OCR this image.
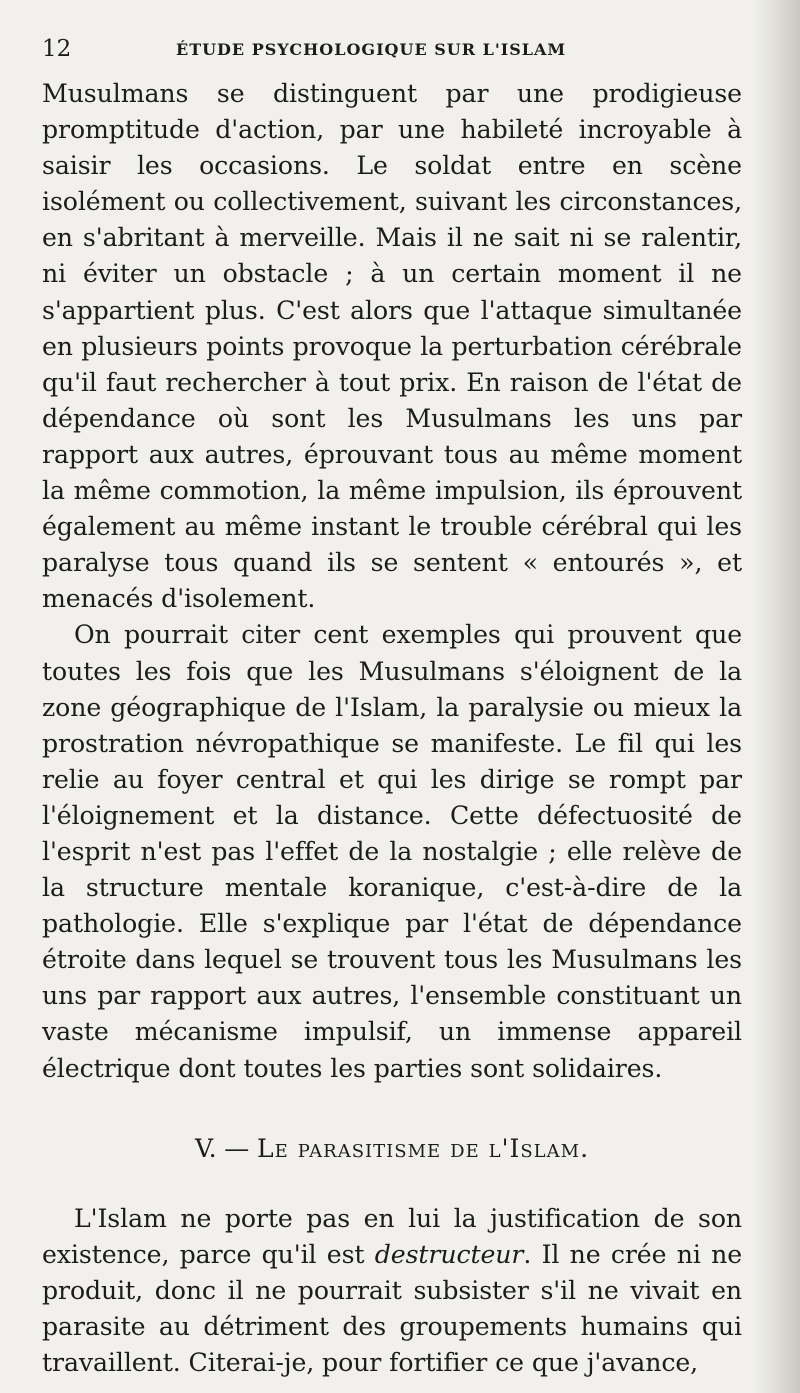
12	ÉTUDE PSYCHOLOGIQUE SUR L'ISLAM

Musulmans se distinguent par une prodigieuse promptitude d'action, par une habileté incroyable à saisir les occasions. Le soldat entre en scène isolément ou collectivement, suivant les circonstances, en s'abritant à merveille. Mais il ne sait ni se ralentir, ni éviter un obstacle ; à un certain moment il ne s'appartient plus. C'est alors que l'attaque simultanée en plusieurs points provoque la perturbation cérébrale qu'il faut rechercher à tout prix. En raison de l'état de dépendance où sont les Musulmans les uns par rapport aux autres, éprouvant tous au même moment la même commotion, la même impulsion, ils éprouvent également au même instant le trouble cérébral qui les paralyse tous quand ils se sentent « entourés », et menacés d'isolement.

On pourrait citer cent exemples qui prouvent que toutes les fois que les Musulmans s'éloignent de la zone géographique de l'Islam, la paralysie ou mieux la prostration névropathique se manifeste. Le fil qui les relie au foyer central et qui les dirige se rompt par l'éloignement et la distance. Cette défectuosité de l'esprit n'est pas l'effet de la nostalgie ; elle relève de la structure mentale koranique, c'est-à-dire de la pathologie. Elle s'explique par l'état de dépendance étroite dans lequel se trouvent tous les Musulmans les uns par rapport aux autres, l'ensemble constituant un vaste mécanisme impulsif, un immense appareil électrique dont toutes les parties sont solidaires.

V. — Le parasitisme de l'Islam.

L'Islam ne porte pas en lui la justification de son existence, parce qu'il est destructeur. Il ne crée ni ne produit, donc il ne pourrait subsister s'il ne vivait en parasite au détriment des groupements humains qui travaillent. Citerai-je, pour fortifier ce que j'avance,
